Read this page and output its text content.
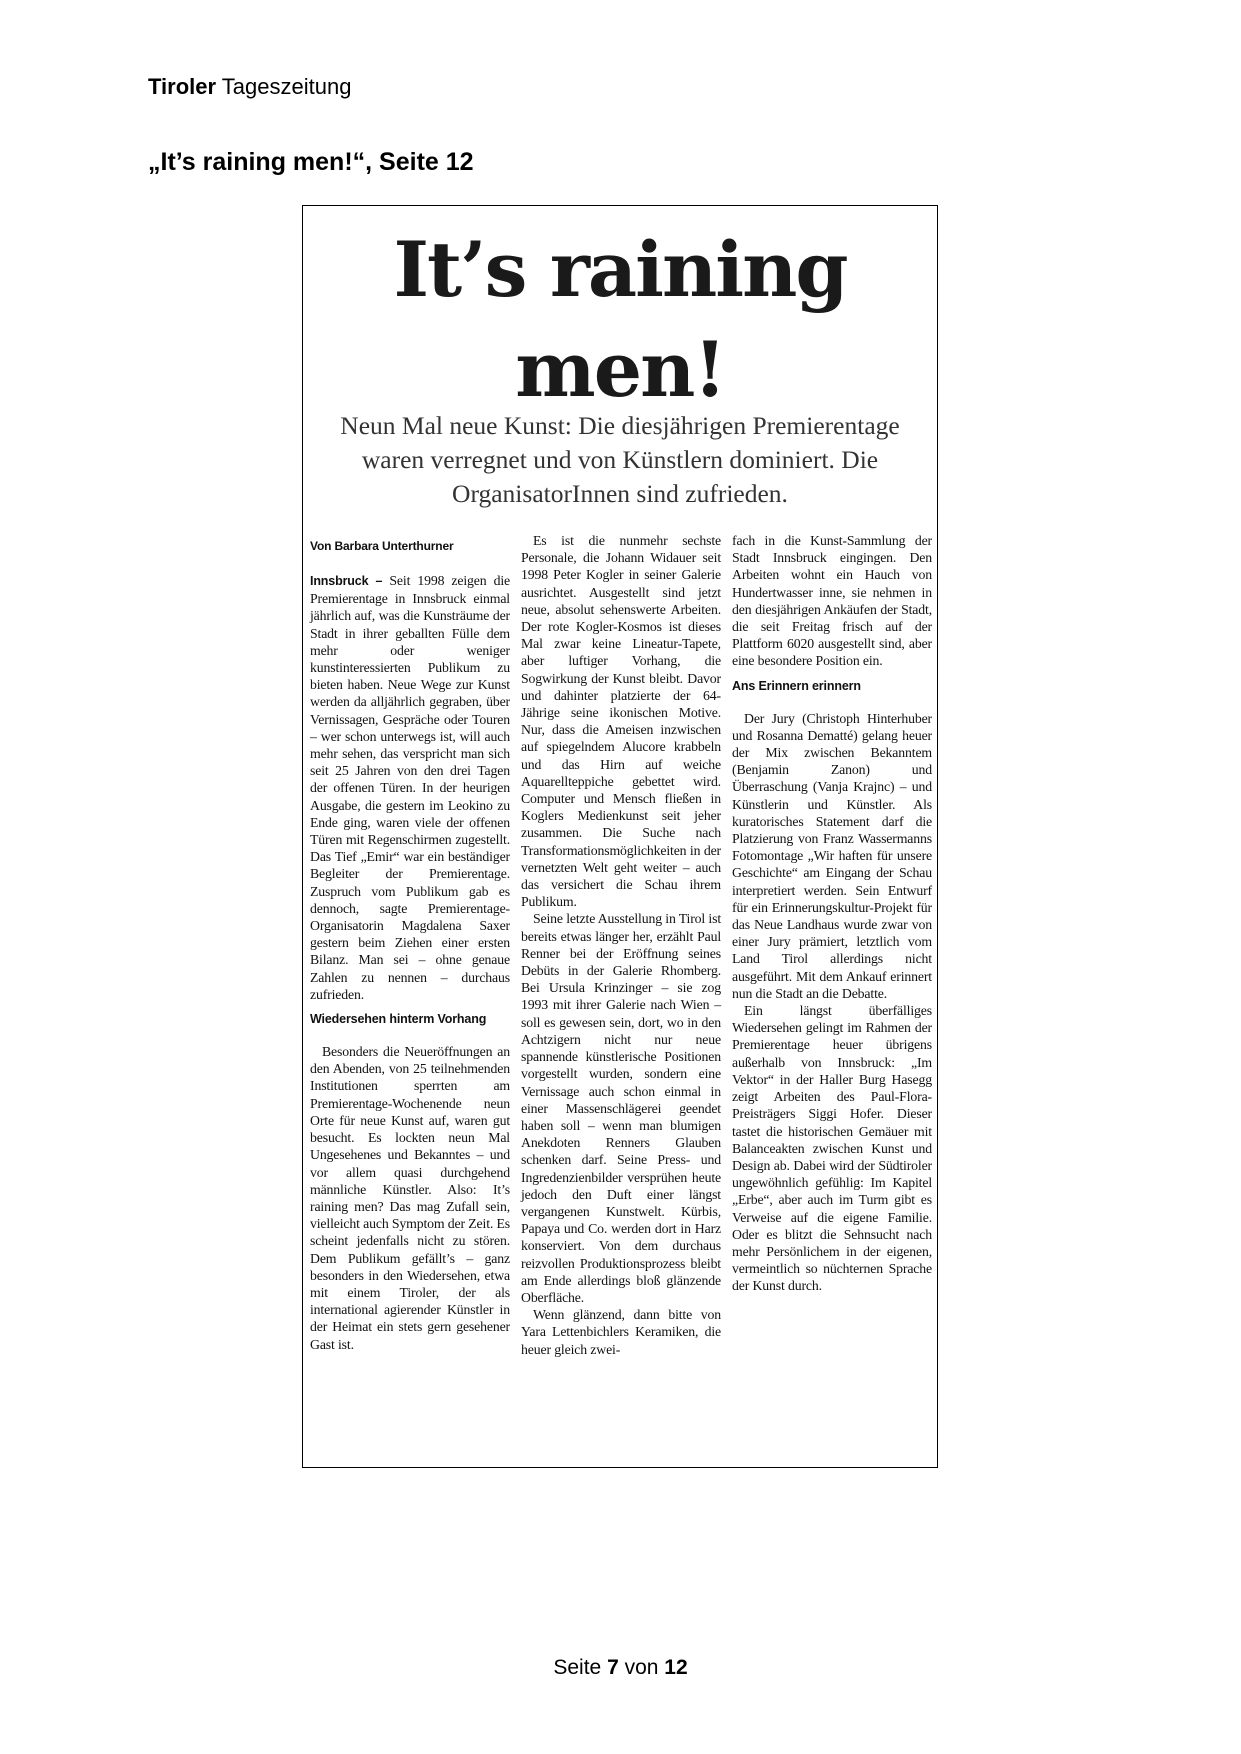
Tiroler Tageszeitung
„It’s raining men!“, Seite 12
It’s raining
men!
Neun Mal neue Kunst: Die diesjährigen Premierentage waren verregnet und von Künstlern dominiert. Die OrganisatorInnen sind zufrieden.
Von Barbara Unterthurner

Innsbruck – Seit 1998 zeigen die Premierentage in Innsbruck einmal jährlich auf, was die Kunsträume der Stadt in ihrer geballten Fülle dem mehr oder weniger kunstinteressierten Publikum zu bieten haben. Neue Wege zur Kunst werden da alljährlich gegraben, über Vernissagen, Gespräche oder Touren – wer schon unterwegs ist, will auch mehr sehen, das verspricht man sich seit 25 Jahren von den drei Tagen der offenen Türen. In der heurigen Ausgabe, die gestern im Leokino zu Ende ging, waren viele der offenen Türen mit Regenschirmen zugestellt. Das Tief „Emir“ war ein beständiger Begleiter der Premierentage. Zuspruch vom Publikum gab es dennoch, sagte Premierentage-Organisatorin Magdalena Saxer gestern beim Ziehen einer ersten Bilanz. Man sei – ohne genaue Zahlen zu nennen – durchaus zufrieden.

Wiedersehen hinterm Vorhang

Besonders die Neueröffnungen an den Abenden, von 25 teilnehmenden Institutionen sperrten am Premierentage-Wochenende neun Orte für neue Kunst auf, waren gut besucht. Es lockten neun Mal Ungesehenes und Bekanntes – und vor allem quasi durchgehend männliche Künstler. Also: It’s raining men? Das mag Zufall sein, vielleicht auch Symptom der Zeit. Es scheint jedenfalls nicht zu stören. Dem Publikum gefällt’s – ganz besonders in den Wiedersehen, etwa mit einem Tiroler, der als international agierender Künstler in der Heimat ein stets gern gesehener Gast ist.

Es ist die nunmehr sechste Personale, die Johann Widauer seit 1998 Peter Kogler in seiner Galerie ausrichtet. Ausgestellt sind jetzt neue, absolut sehenswerte Arbeiten. Der rote Kogler-Kosmos ist dieses Mal zwar keine Lineatur-Tapete, aber luftiger Vorhang, die Sogwirkung der Kunst bleibt. Davor und dahinter platzierte der 64-Jährige seine ikonischen Motive. Nur, dass die Ameisen inzwischen auf spiegelndem Alucore krabbeln und das Hirn auf weiche Aquarellteppiche gebettet wird. Computer und Mensch fließen in Koglers Medienkunst seit jeher zusammen. Die Suche nach Transformationsmöglichkeiten in der vernetzten Welt geht weiter – auch das versichert die Schau ihrem Publikum.

Seine letzte Ausstellung in Tirol ist bereits etwas länger her, erzählt Paul Renner bei der Eröffnung seines Debüts in der Galerie Rhomberg. Bei Ursula Krinzinger – sie zog 1993 mit ihrer Galerie nach Wien – soll es gewesen sein, dort, wo in den Achtzigern nicht nur neue spannende künstlerische Positionen vorgestellt wurden, sondern eine Vernissage auch schon einmal in einer Massenschlägerei geendet haben soll – wenn man blumigen Anekdoten Renners Glauben schenken darf. Seine Press- und Ingredenzienbilder versprühen heute jedoch den Duft einer längst vergangenen Kunstwelt. Kürbis, Papaya und Co. werden dort in Harz konserviert. Von dem durchaus reizvollen Produktionsprozess bleibt am Ende allerdings bloß glänzende Oberfläche.

Wenn glänzend, dann bitte von Yara Lettenbichlers Keramiken, die heuer gleich zwei-

fach in die Kunst-Sammlung der Stadt Innsbruck eingingen. Den Arbeiten wohnt ein Hauch von Hundertwasser inne, sie nehmen in den diesjährigen Ankäufen der Stadt, die seit Freitag frisch auf der Plattform 6020 ausgestellt sind, aber eine besondere Position ein.

Ans Erinnern erinnern

Der Jury (Christoph Hinterhuber und Rosanna Dematté) gelang heuer der Mix zwischen Bekanntem (Benjamin Zanon) und Überraschung (Vanja Krajnc) – und Künstlerin und Künstler. Als kuratorisches Statement darf die Platzierung von Franz Wassermanns Fotomontage „Wir haften für unsere Geschichte“ am Eingang der Schau interpretiert werden. Sein Entwurf für ein Erinnerungskultur-Projekt für das Neue Landhaus wurde zwar von einer Jury prämiert, letztlich vom Land Tirol allerdings nicht ausgeführt. Mit dem Ankauf erinnert nun die Stadt an die Debatte.

Ein längst überfälliges Wiedersehen gelingt im Rahmen der Premierentage heuer übrigens außerhalb von Innsbruck: „Im Vektor“ in der Haller Burg Hasegg zeigt Arbeiten des Paul-Flora-Preisträgers Siggi Hofer. Dieser tastet die historischen Gemäuer mit Balanceakten zwischen Kunst und Design ab. Dabei wird der Südtiroler ungewöhnlich gefühlig: Im Kapitel „Erbe“, aber auch im Turm gibt es Verweise auf die eigene Familie. Oder es blitzt die Sehnsucht nach mehr Persönlichem in der eigenen, vermeintlich so nüchternen Sprache der Kunst durch.

Seite 7 von 12
